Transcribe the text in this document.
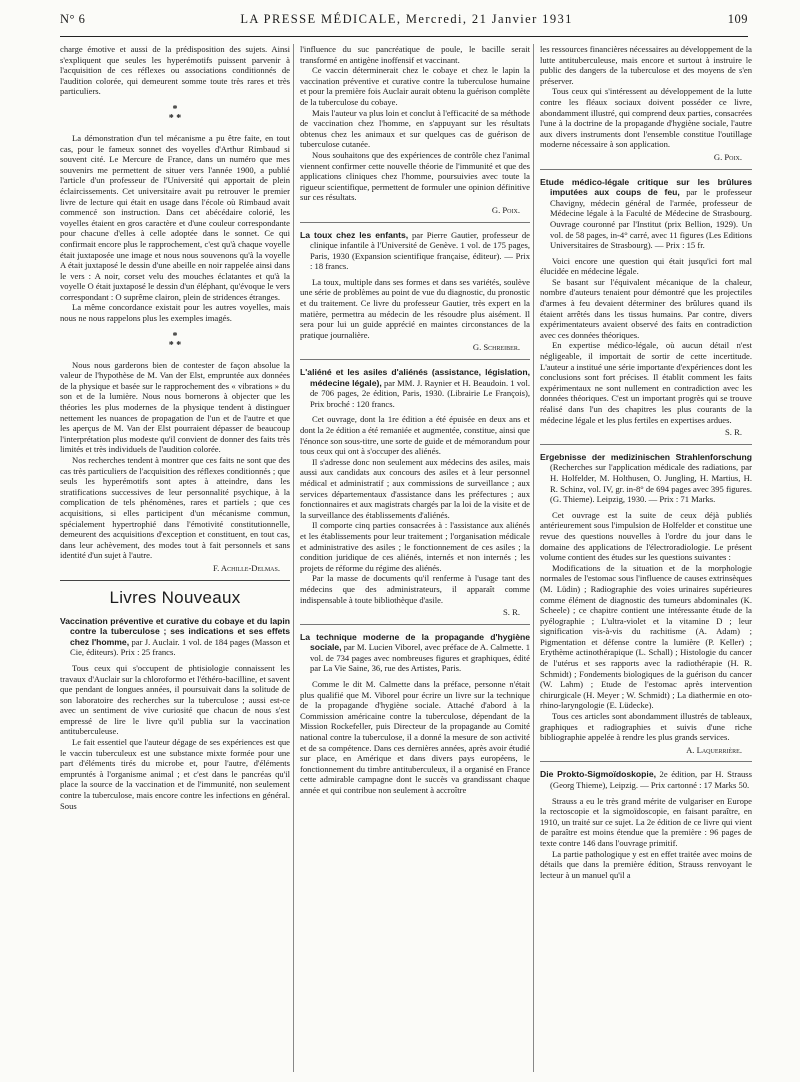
N° 6	LA PRESSE MÉDICALE, Mercredi, 21 Janvier 1931	109

charge émotive et aussi de la prédisposition des sujets. Ainsi s'expliquent que seules les hyperémotifs puissent parvenir à l'acquisition de ces réflexes ou associations conditionnés de l'audition colorée, qui demeurent somme toute très rares et très particuliers.

*
* *

La démonstration d'un tel mécanisme a pu être faite, en tout cas, pour le fameux sonnet des voyelles d'Arthur Rimbaud si souvent cité. Le Mercure de France, dans un numéro que mes souvenirs me permettent de situer vers l'année 1900, a publié l'article d'un professeur de l'Université qui apportait de plein éclaircissements. Cet universitaire avait pu retrouver le premier livre de lecture qui était en usage dans l'école où Rimbaud avait commencé son instruction. Dans cet abécédaire colorié, les voyelles étaient en gros caractère et d'une couleur correspondante pour chacune d'elles à celle adoptée dans le sonnet. Ce qui confirmait encore plus le rapprochement, c'est qu'à chaque voyelle était juxtaposée une image et nous nous souvenons qu'à la voyelle A était juxtaposé le dessin d'une abeille en noir rappelée ainsi dans le vers : A noir, corset velu des mouches éclatantes et qu'à la voyelle O était juxtaposé le dessin d'un éléphant, qu'évoque le vers correspondant : O suprême clairon, plein de stridences étranges.

La même concordance existait pour les autres voyelles, mais nous ne nous rappelons plus les exemples imagés.

*
* *

Nous nous garderons bien de contester de façon absolue la valeur de l'hypothèse de M. Van der Elst, empruntée aux données de la physique et basée sur le rapprochement des « vibrations » du son et de la lumière. Nous nous bornerons à objecter que les théories les plus modernes de la physique tendent à distinguer nettement les nuances de propagation de l'un et de l'autre et que les aperçus de M. Van der Elst pourraient dépasser de beaucoup l'interprétation plus modeste qu'il convient de donner des faits très limités et très individuels de l'audition colorée.

Nos recherches tendent à montrer que ces faits ne sont que des cas très particuliers de l'acquisition des réflexes conditionnés ; que seuls les hyperémotifs sont aptes à atteindre, dans les stratifications successives de leur personnalité psychique, à la complication de tels phénomènes, rares et partiels ; que ces acquisitions, si elles participent d'un mécanisme commun, spécialement hypertrophié dans l'émotivité constitutionnelle, demeurent des acquisitions d'exception et constituent, en tout cas, dans leur achèvement, des modes tout à fait personnels et sans identité d'un sujet à l'autre.

F. Achille-Delmas.
Livres Nouveaux
Vaccination préventive et curative du cobaye et du lapin contre la tuberculose ; ses indications et ses effets chez l'homme, par J. Auclair. 1 vol. de 184 pages (Masson et Cie, éditeurs). Prix : 25 francs.

Tous ceux qui s'occupent de phtisiologie connaissent les travaux d'Auclair sur la chloroformo et l'éthéro-bacilline, et savent que pendant de longues années, il poursuivait dans la solitude de son laboratoire des recherches sur la tuberculose ; aussi est-ce avec un sentiment de vive curiosité que chacun de nous s'est empressé de lire le livre qu'il publia sur la vaccination antituberculeuse.

Le fait essentiel que l'auteur dégage de ses expériences est que le vaccin tuberculeux est une substance mixte formée pour une part d'éléments tirés du microbe et, pour l'autre, d'éléments empruntés à l'organisme animal ; et c'est dans le pancréas qu'il place la source de la vaccination et de l'immunité, non seulement contre la tuberculose, mais encore contre les infections en général. Sous

l'influence du suc pancréatique de poule, le bacille serait transformé en antigène inoffensif et vaccinant.

Ce vaccin déterminerait chez le cobaye et chez le lapin la vaccination préventive et curative contre la tuberculose humaine et pour la première fois Auclair aurait obtenu la guérison complète de la tuberculose du cobaye.

Mais l'auteur va plus loin et conclut à l'efficacité de sa méthode de vaccination chez l'homme, en s'appuyant sur les résultats obtenus chez les animaux et sur quelques cas de guérison de tuberculose cutanée.

Nous souhaitons que des expériences de contrôle chez l'animal viennent confirmer cette nouvelle théorie de l'immunité et que des applications cliniques chez l'homme, poursuivies avec toute la rigueur scientifique, permettent de formuler une opinion définitive sur ces résultats.

G. Poix.
La toux chez les enfants, par Pierre Gautier, professeur de clinique infantile à l'Université de Genève. 1 vol. de 175 pages, Paris, 1930 (Expansion scientifique française, éditeur). — Prix : 18 francs.

La toux, multiple dans ses formes et dans ses variétés, soulève une série de problèmes au point de vue du diagnostic, du pronostic et du traitement. Ce livre du professeur Gautier, très expert en la matière, permettra au médecin de les résoudre plus aisément. Il sera pour lui un guide apprécié en maintes circonstances de la pratique journalière.

G. Schreiber.
L'aliéné et les asiles d'aliénés (assistance, législation, médecine légale), par MM. J. Raynier et H. Beaudoin. 1 vol. de 706 pages, 2e édition, Paris, 1930. (Librairie Le François), Prix broché : 120 francs.

Cet ouvrage, dont la 1re édition a été épuisée en deux ans et dont la 2e édition a été remaniée et augmentée, constitue, ainsi que l'énonce son sous-titre, une sorte de guide et de mémorandum pour tous ceux qui ont à s'occuper des aliénés.

Il s'adresse donc non seulement aux médecins des asiles, mais aussi aux candidats aux concours des asiles et à leur personnel médical et administratif ; aux commissions de surveillance ; aux services départementaux d'assistance dans les préfectures ; aux fonctionnaires et aux magistrats chargés par la loi de la visite et de la surveillance des établissements d'aliénés.

Il comporte cinq parties consacrées à : l'assistance aux aliénés et les établissements pour leur traitement ; l'organisation médicale et administrative des asiles ; le fonctionnement de ces asiles ; la condition juridique de ces aliénés, internés et non internés ; les projets de réforme du régime des aliénés.

Par la masse de documents qu'il renferme à l'usage tant des médecins que des administrateurs, il apparaît comme indispensable à toute bibliothèque d'asile.

S. R.
La technique moderne de la propagande d'hygiène sociale, par M. Lucien Viborel, avec préface de A. Calmette. 1 vol. de 734 pages avec nombreuses figures et graphiques, édité par La Vie Saine, 36, rue des Artistes, Paris.

Comme le dit M. Calmette dans la préface, personne n'était plus qualifié que M. Viborel pour écrire un livre sur la technique de la propagande d'hygiène sociale. Attaché d'abord à la Commission américaine contre la tuberculose, dépendant de la Mission Rockefeller, puis Directeur de la propagande au Comité national contre la tuberculose, il a donné la mesure de son activité et de sa compétence. Dans ces dernières années, après avoir étudié sur place, en Amérique et dans divers pays européens, le fonctionnement du timbre antituberculeux, il a organisé en France cette admirable campagne dont le succès va grandissant chaque année et qui contribue non seulement à accroître

les ressources financières nécessaires au développement de la lutte antituberculeuse, mais encore et surtout à instruire le public des dangers de la tuberculose et des moyens de s'en préserver.

Tous ceux qui s'intéressent au développement de la lutte contre les fléaux sociaux doivent posséder ce livre, abondamment illustré, qui comprend deux parties, consacrées l'une à la doctrine de la propagande d'hygiène sociale, l'autre aux divers instruments dont l'ensemble constitue l'outillage moderne nécessaire à son application.

G. Poix.
Etude médico-légale critique sur les brûlures imputées aux coups de feu, par le professeur Chavigny, médecin général de l'armée, professeur de Médecine légale à la Faculté de Médecine de Strasbourg. Ouvrage couronné par l'Institut (prix Bellion, 1929). Un vol. de 58 pages, in-4° carré, avec 11 figures (Les Editions Universitaires de Strasbourg). — Prix : 15 fr.

Voici encore une question qui était jusqu'ici fort mal élucidée en médecine légale.

Se basant sur l'équivalent mécanique de la chaleur, nombre d'auteurs tenaient pour démontré que les projectiles d'armes à feu devaient déterminer des brûlures quand ils étaient arrêtés dans les tissus humains. Par contre, divers expérimentateurs avaient observé des faits en contradiction avec ces données théoriques.

En expertise médico-légale, où aucun détail n'est négligeable, il importait de sortir de cette incertitude. L'auteur a institué une série importante d'expériences dont les conclusions sont fort précises. Il établit comment les faits expérimentaux ne sont nullement en contradiction avec les données théoriques. C'est un important progrès qui se trouve réalisé dans l'un des chapitres les plus courants de la médecine légale et les plus fertiles en expertises ardues.

S. R.
Ergebnisse der medizinischen Strahlenforschung (Recherches sur l'application médicale des radiations, par H. Holfelder, M. Holthusen, O. Jungling, H. Martius, H. R. Schinz, vol. IV, gr. in-8° de 694 pages avec 395 figures. (G. Thieme). Leipzig, 1930. — Prix : 71 Marks.

Cet ouvrage est la suite de ceux déjà publiés antérieurement sous l'impulsion de Holfelder et constitue une revue des questions nouvelles à l'ordre du jour dans le domaine des applications de l'électroradiologie. Le présent volume contient des études sur les questions suivantes :

Modifications de la situation et de la morphologie normales de l'estomac sous l'influence de causes extrinsèques (M. Lüdin) ; Radiographie des voies urinaires supérieures comme élément de diagnostic des tumeurs abdominales (K. Scheele) ; ce chapitre contient une intéressante étude de la pyélographie ; L'ultra-violet et la vitamine D ; leur signification vis-à-vis du rachitisme (A. Adam) ; Pigmentation et défense contre la lumière (P. Keller) ; Erythème actinothérapique (L. Schall) ; Histologie du cancer de l'utérus et ses rapports avec la radiothérapie (H. R. Schmidt) ; Fondements biologiques de la guérison du cancer (W. Lahm) ; Etude de l'estomac après intervention chirurgicale (H. Meyer ; W. Schmidt) ; La diathermie en oto-rhino-laryngologie (E. Lüdecke).

Tous ces articles sont abondamment illustrés de tableaux, graphiques et radiographies et suivis d'une riche bibliographie appelée à rendre les plus grands services.

A. Laquerrière.
Die Prokto-Sigmoïdoskopie, 2e édition, par H. Strauss (Georg Thieme), Leipzig. — Prix cartonné : 17 Marks 50.

Strauss a eu le très grand mérite de vulgariser en Europe la rectoscopie et la sigmoïdoscopie, en faisant paraître, en 1910, un traité sur ce sujet. La 2e édition de ce livre qui vient de paraître est moins étendue que la première : 96 pages de texte contre 146 dans l'ouvrage primitif.

La partie pathologique y est en effet traitée avec moins de détails que dans la première édition, Strauss renvoyant le lecteur à un manuel qu'il a
